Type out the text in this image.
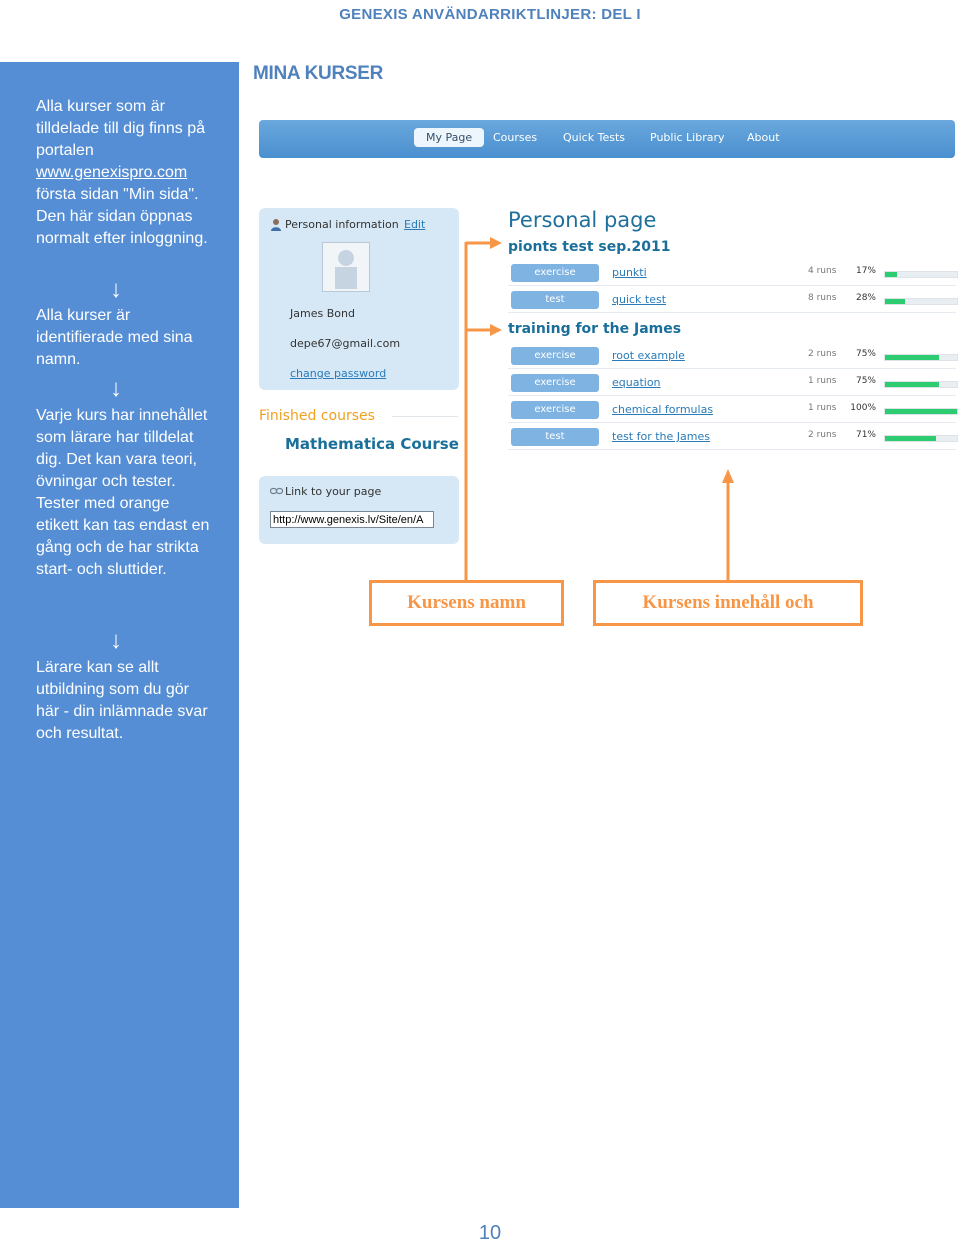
GENEXIS ANVÄNDARRIKTLINJER: DEL I
Alla kurser som är tilldelade till dig finns på portalen www.genexispro.com första sidan "Min sida". Den här sidan öppnas normalt efter inloggning.
↓
Alla kurser är identifierade med sina namn.
↓
Varje kurs har innehållet som lärare har tilldelat dig. Det kan vara teori, övningar och tester. Tester med orange etikett kan tas endast en gång och de har strikta start- och sluttider.
↓
Lärare kan se allt utbildning som du gör här - din inlämnade svar och resultat.
MINA KURSER
My Page	Courses Quick Tests Public Library About
Personal information Edit
James Bond
depe67@gmail.com
change password
Finished courses
Mathematica Course
Link to your page
http://www.genexis.lv/Site/en/A
Personal page
pionts test sep.2011
exercise	punkti	4 runs	17%
test	quick test	8 runs	28%
training for the James
exercise	root example	2 runs	75%
exercise	equation	1 runs	75%
exercise	chemical formulas	1 runs 100%
test	test for the James	2 runs	71%
Kursens namn	Kursens innehåll och
10
